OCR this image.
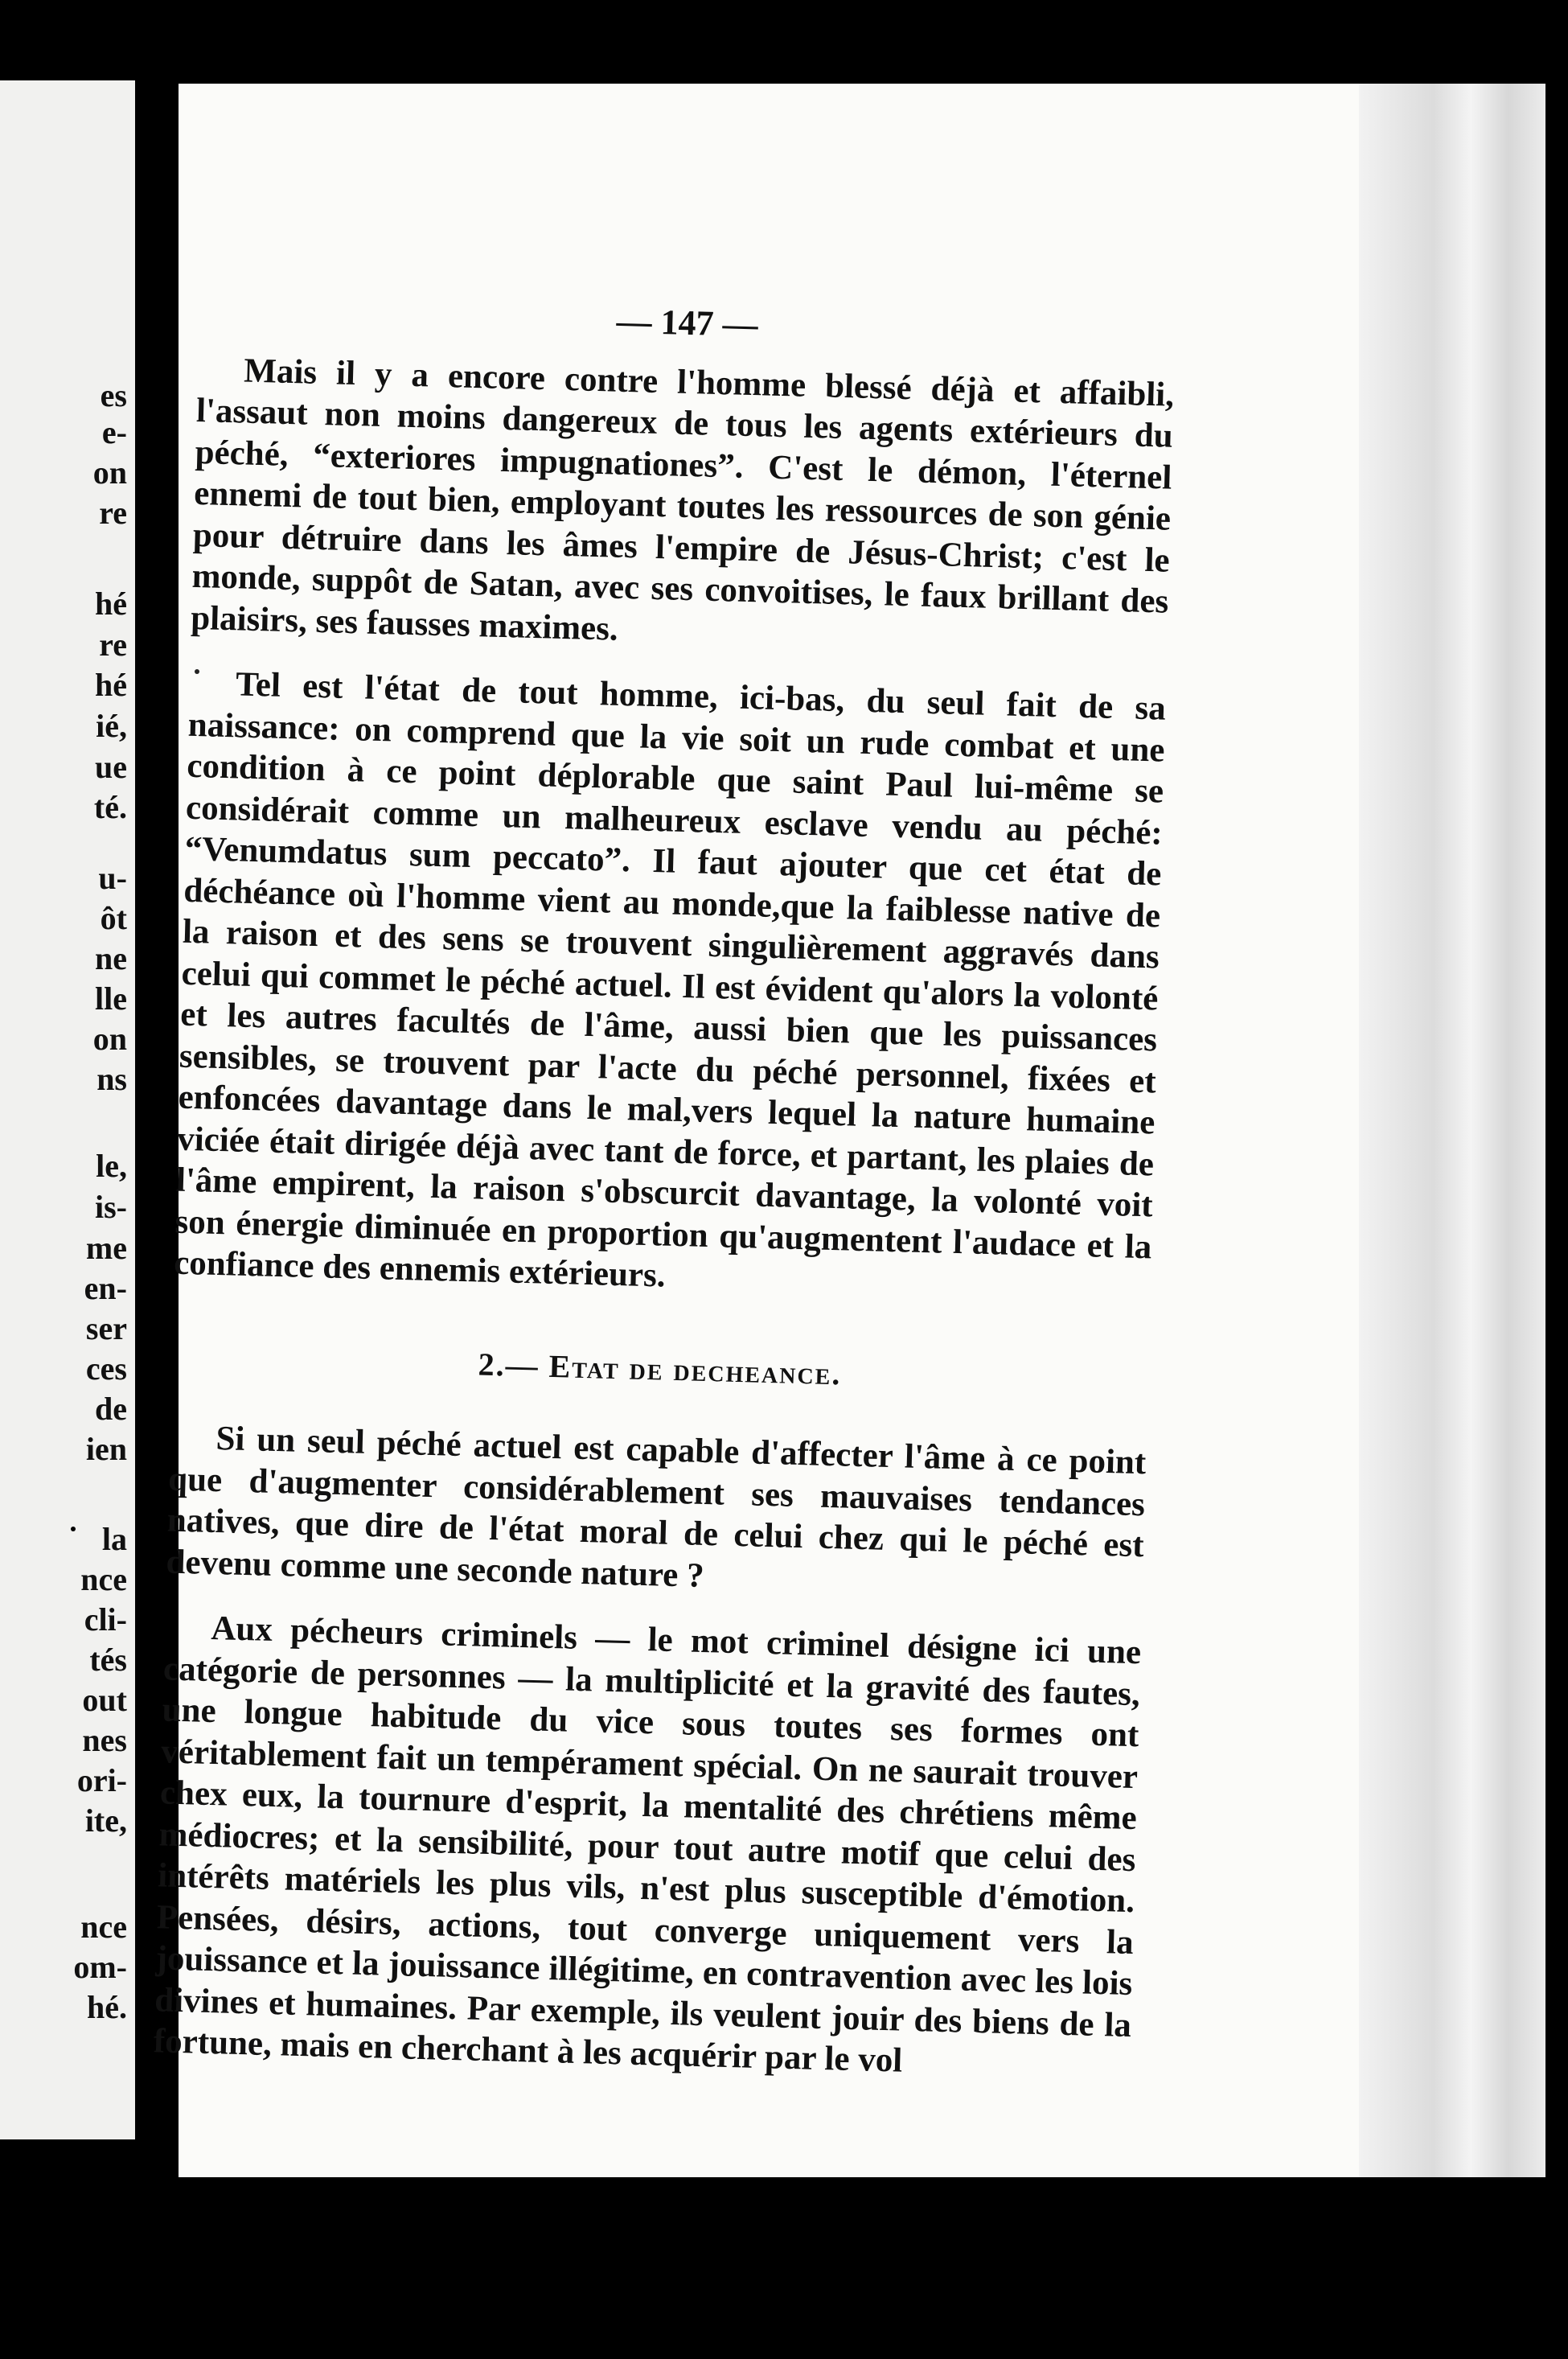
es
e-
on
re
hé
re
hé
ié,
ue
té.
u-
ôt
ne
lle
on
ns
le,
is-
me
en-
ser
ces
de
ien
la
nce
cli-
tés
out
nes
ori-
ite,
nce
om-
hé.
— 147 —

Mais il y a encore contre l'homme blessé déjà et affaibli, l'assaut non moins dangereux de tous les agents extérieurs du péché, “exteriores impugnationes”. C'est le démon, l'éternel ennemi de tout bien, employant toutes les ressources de son génie pour détruire dans les âmes l'empire de Jésus-Christ; c'est le monde, suppôt de Satan, avec ses convoitises, le faux brillant des plaisirs, ses fausses maximes.

Tel est l'état de tout homme, ici-bas, du seul fait de sa naissance: on comprend que la vie soit un rude combat et une condition à ce point déplorable que saint Paul lui-même se considérait comme un malheureux esclave vendu au péché: “Venumdatus sum peccato”. Il faut ajouter que cet état de déchéance où l'homme vient au monde,que la faiblesse native de la raison et des sens se trouvent singulièrement aggravés dans celui qui commet le péché actuel. Il est évident qu'alors la volonté et les autres facultés de l'âme, aussi bien que les puissances sensibles, se trouvent par l'acte du péché personnel, fixées et enfoncées davantage dans le mal,vers lequel la nature humaine viciée était dirigée déjà avec tant de force, et partant, les plaies de l'âme empirent, la raison s'obscurcit davantage, la volonté voit son énergie diminuée en proportion qu'augmentent l'audace et la confiance des ennemis extérieurs.

2.— Etat de decheance.

Si un seul péché actuel est capable d'affecter l'âme à ce point que d'augmenter considérablement ses mauvaises tendances natives, que dire de l'état moral de celui chez qui le péché est devenu comme une seconde nature ?

Aux pécheurs criminels — le mot criminel désigne ici une catégorie de personnes — la multiplicité et la gravité des fautes, une longue habitude du vice sous toutes ses formes ont véritablement fait un tempérament spécial. On ne saurait trouver chex eux, la tournure d'esprit, la mentalité des chrétiens même médiocres; et la sensibilité, pour tout autre motif que celui des intérêts matériels les plus vils, n'est plus susceptible d'émotion. Pensées, désirs, actions, tout converge uniquement vers la jouissance et la jouissance illégitime, en contravention avec les lois divines et humaines. Par exemple, ils veulent jouir des biens de la fortune, mais en cherchant à les acquérir par le vol
